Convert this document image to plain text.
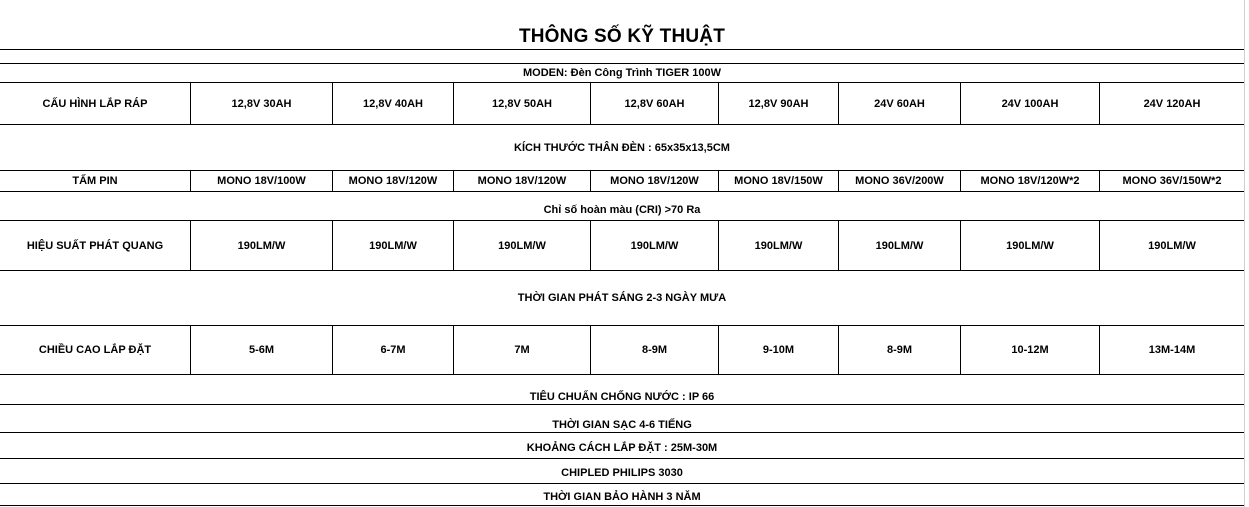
THÔNG SỐ KỸ THUẬT
MODEN: Đèn Công Trình TIGER 100W
KÍCH THƯỚC THÂN ĐÈN : 65x35x13,5CM
Chỉ số hoàn màu (CRI) >70 Ra
THỜI GIAN PHÁT SÁNG 2-3 NGÀY MƯA
TIÊU CHUẨN CHỐNG NƯỚC : IP 66
THỜI GIAN SẠC 4-6 TIẾNG
KHOẢNG CÁCH LẮP ĐẶT : 25M-30M
CHIPLED PHILIPS 3030
THỜI GIAN BẢO HÀNH 3 NĂM
CẤU HÌNH LẮP RÁP	12,8V 30AH	12,8V 40AH	12,8V 50AH	12,8V 60AH	12,8V 90AH	24V 60AH	24V 100AH	24V 120AH
TẤM PIN	MONO 18V/100W	MONO 18V/120W	MONO 18V/120W	MONO 18V/120W	MONO 18V/150W	MONO 36V/200W	MONO 18V/120W*2	MONO 36V/150W*2
HIỆU SUẤT PHÁT QUANG	190LM/W	190LM/W	190LM/W	190LM/W	190LM/W	190LM/W	190LM/W	190LM/W
CHIỀU CAO LẮP ĐẶT	5-6M	6-7M	7M	8-9M	9-10M	8-9M	10-12M	13M-14M
